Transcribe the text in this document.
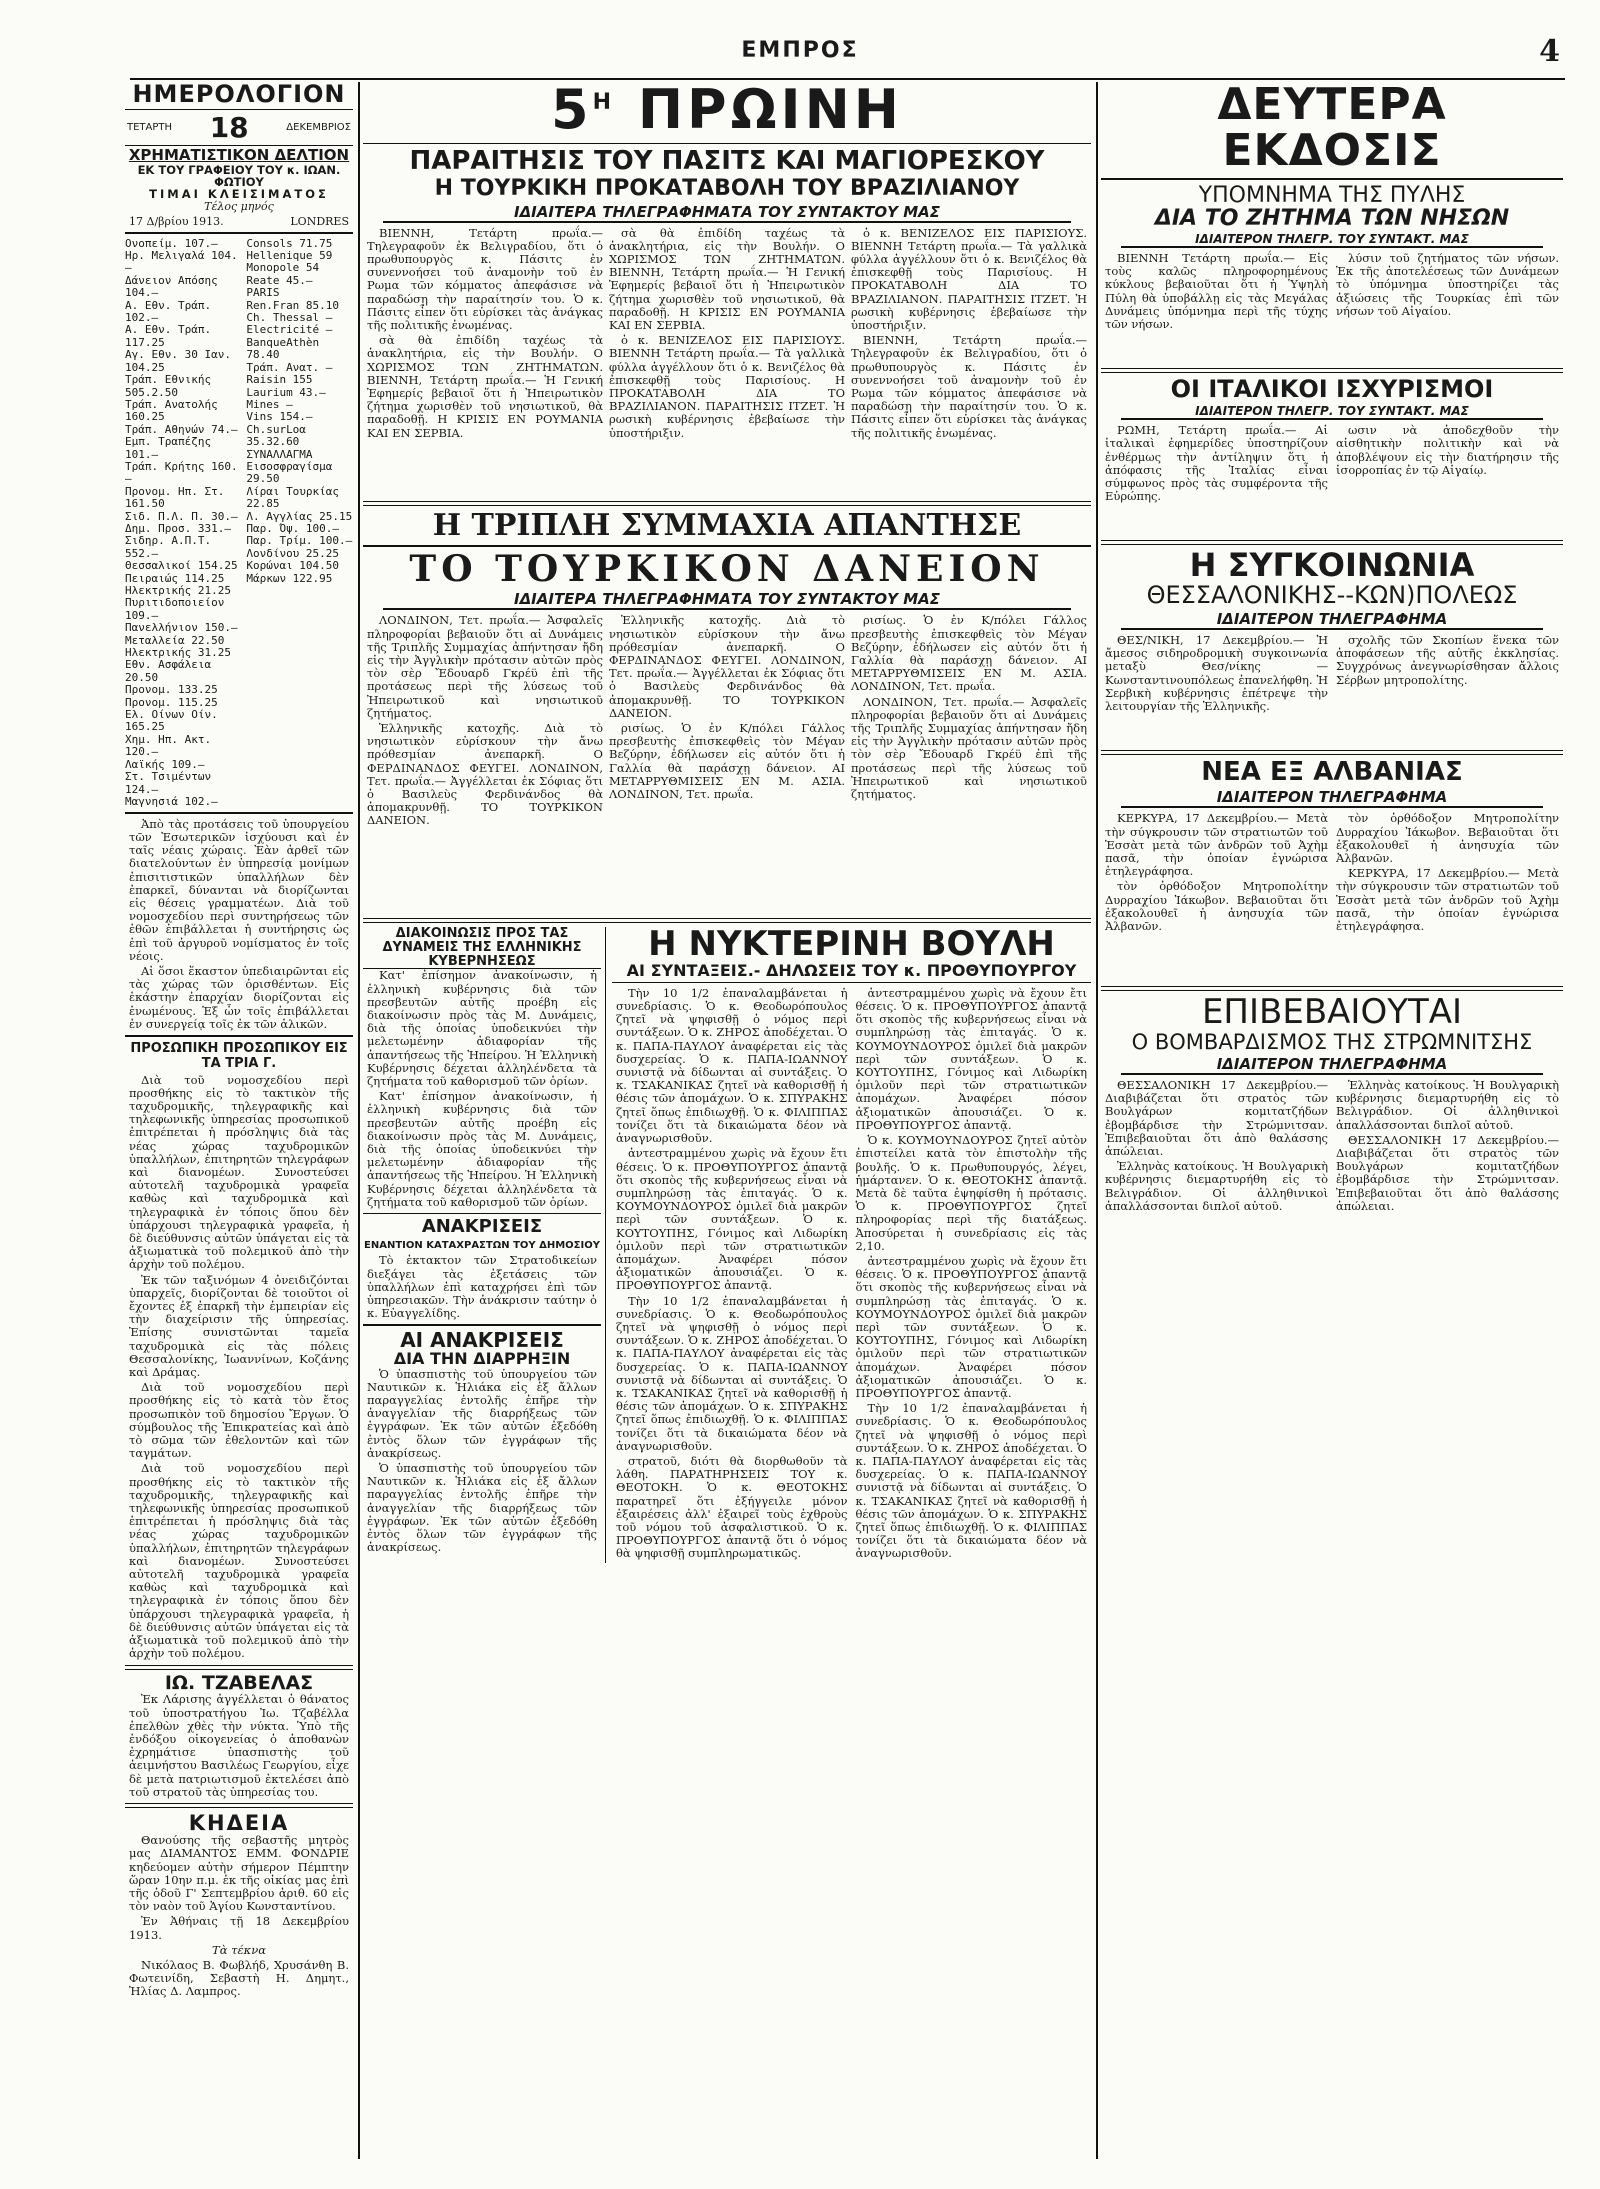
ΕΜΠΡΟΣ	4
ΗΜΕΡΟΛΟΓΙΟΝ
ΤΕΤΑΡΤΗ 18	ΔΕΚΕΜΒΡΙΟΣ
ΧΡΗΜΑΤΙΣΤΙΚΟΝ ΔΕΛΤΙΟΝ
ΕΚ ΤΟΥ ΓΡΑΦΕΙΟΥ ΤΟΥ κ. ΙΩΑΝ. ΦΩΤΙΟΥ
ΤΙΜΑΙ ΚΛΕΙΣΙΜΑΤΟΣ
Τέλος μηνός
17 Δ/βρίου 1913.	LONDRES
Ονοπείμ. 107.—
Ηρ. Μελιγαλά 104.—
Δάνειον Απόσης 104.—
Α. Εθν. Τράπ. 102.—
Α. Εθν. Τράπ. 117.25
Αγ. Εθν. 30 Ιαν. 104.25
Τράπ. Εθνικής 505.2.50
Τράπ. Ανατολής 160.25
Τράπ. Αθηνών 74.—
Εμπ. Τραπέζης 101.—
Τράπ. Κρήτης 160.—
Προνομ. Ηπ. Στ. 161.50
Σιδ. Π.Λ. Π. 30.—
Δημ. Προσ. 331.—
Σιδηρ. Α.Π.Τ. 552.—
Θεσσαλικοί 154.25
Πειραιώς 114.25
Ηλεκτρικής 21.25
Πυριτιδοποιείον 109.—
Πανελλήνιον 150.—
Μεταλλεία 22.50
Ηλεκτρικής 31.25
Εθν. Ασφάλεια 20.50
Προνομ. 133.25
Προνομ. 115.25
Ελ. Οίνων Οίν. 165.25
Χημ. Ηπ. Ακτ. 120.—
Λαϊκής 109.—
Στ. Τσιμέντων 124.—
Μαγνησιά 102.—
Consols 71.75
Hellenique 59
Monopole 54
Reate 45.—
PARIS
Ren.Fran 85.10
Ch. Thessal —
Electricité —
BanqueAthèn 78.40
Τράπ. Ανατ. —
Raisin 155
Laurium 43.—
Mines —
Vins 154.—
Ch.surLοα 35.32.60
ΣΥΝΑΛΛΑΓΜΑ
Εισοσφραγίσμα 29.50
Λίραι Τουρκίας 22.85
Λ. Αγγλίας 25.15
Παρ. Όψ. 100.—
Παρ. Τρίμ. 100.—
Λονδίνου 25.25
Κορώναι 104.50
Μάρκων 122.95

Ἀπὸ τὰς προτάσεις τοῦ ὑπουργείου τῶν Ἐσωτερικῶν ἰσχύουσι καὶ ἐν ταῖς νέαις χώραις. Ἐὰν ἀρθεῖ τῶν διατελούντων ἐν ὑπηρεσίᾳ μονίμων ἐπισιτιστικῶν ὑπαλλήλων δὲν ἐπαρκεῖ, δύνανται νὰ διορίζωνται εἰς θέσεις γραμματέων. Διὰ τοῦ νομοσχεδίου περὶ συντηρήσεως τῶν ἐθῶν ἐπιβάλλεται ἡ συντήρησις ὡς ἐπὶ τοῦ ἀργυροῦ νομίσματος ἐν τοῖς νέοις.

Αἱ ὅσοι ἕκαστον ὑπεδιαιρῶνται εἰς τὰς χώρας τῶν ὁρισθέντων. Εἰς ἑκάστην ἐπαρχίαν διορίζονται εἰς ἑνωμένους. Ἐξ ὧν τοῖς ἐπιβάλλεται ἐν συνεργείᾳ τοῖς ἐκ τῶν ἁλικῶν.

ΠΡΟΣΩΠΙΚΗ ΠΡΟΣΩΠΙΚΟΥ ΕΙΣ ΤΑ ΤΡΙΑ Γ.

Διὰ τοῦ νομοσχεδίου περὶ προσθήκης εἰς τὸ τακτικὸν τῆς ταχυδρομικῆς, τηλεγραφικῆς καὶ τηλεφωνικῆς ὑπηρεσίας προσωπικοῦ ἐπιτρέπεται ἡ πρόσληψις διὰ τὰς νέας χώρας ταχυδρομικῶν ὑπαλλήλων, ἐπιτηρητῶν τηλεγράφων καὶ διανομέων. Συνοστεύσει αὐτοτελῆ ταχυδρομικὰ γραφεῖα καθὼς καὶ ταχυδρομικὰ καὶ τηλεγραφικὰ ἐν τόποις ὅπου δὲν ὑπάρχουσι τηλεγραφικὰ γραφεῖα, ἡ δὲ διεύθυνσις αὐτῶν ὑπάγεται εἰς τὰ ἀξιωματικὰ τοῦ πολεμικοῦ ἀπὸ τὴν ἀρχὴν τοῦ πολέμου.

Ἐκ τῶν ταξινόμων 4 ὀνειδιζόνται ὑπαρχεῖς, διορίζονται δὲ τοιοῦτοι οἱ ἔχοντες ἐξ ἐπαρκῆ τὴν ἐμπειρίαν εἰς τὴν διαχείρισιν τῆς ὑπηρεσίας. Ἐπίσης συνιστῶνται ταμεῖα ταχυδρομικὰ εἰς τὰς πόλεις Θεσσαλονίκης, Ἰωαννίνων, Κοζάνης καὶ Δράμας.

Διὰ τοῦ νομοσχεδίου περὶ προσθήκης εἰς τὸ κατὰ τὸν ἔτος προσωπικὸν τοῦ δημοσίου Ἔργων. Ὁ σύμβουλος τῆς Ἐπικρατείας καὶ ἀπὸ τὸ σῶμα τῶν ἐθελοντῶν καὶ τῶν ταγμάτων.

Διὰ τοῦ νομοσχεδίου περὶ προσθήκης εἰς τὸ τακτικὸν τῆς ταχυδρομικῆς, τηλεγραφικῆς καὶ τηλεφωνικῆς ὑπηρεσίας προσωπικοῦ ἐπιτρέπεται ἡ πρόσληψις διὰ τὰς νέας χώρας ταχυδρομικῶν ὑπαλλήλων, ἐπιτηρητῶν τηλεγράφων καὶ διανομέων. Συνοστεύσει αὐτοτελῆ ταχυδρομικὰ γραφεῖα καθὼς καὶ ταχυδρομικὰ καὶ τηλεγραφικὰ ἐν τόποις ὅπου δὲν ὑπάρχουσι τηλεγραφικὰ γραφεῖα, ἡ δὲ διεύθυνσις αὐτῶν ὑπάγεται εἰς τὰ ἀξιωματικὰ τοῦ πολεμικοῦ ἀπὸ τὴν ἀρχὴν τοῦ πολέμου.

ΙΩ. ΤΖΑΒΕΛΑΣ

Ἐκ Λάρισης ἀγγέλλεται ὁ θάνατος τοῦ ὑποστρατήγου Ἰω. Τζαβέλλα ἐπελθὼν χθὲς τὴν νύκτα. Ὑπὸ τῆς ἐνδόξου οἰκογενείας ὁ ἀποθανὼν ἐχρημάτισε ὑπασπιστὴς τοῦ ἀειμνήστου Βασιλέως Γεωργίου, εἶχε δὲ μετὰ πατριωτισμοῦ ἐκτελέσει ἀπὸ τοῦ στρατοῦ τὰς ὑπηρεσίας του.

ΚΗΔΕΙΑ

Θανούσης τῆς σεβαστῆς μητρὸς μας ΔΙΑΜΑΝΤΟΣ ΕΜΜ. ΦΟΝΔΡΙΕ κηδεύομεν αὐτὴν σήμερον Πέμπτην ὥραν 10ην π.μ. ἐκ τῆς οἰκίας μας ἐπὶ τῆς ὁδοῦ Γ' Σεπτεμβρίου ἀριθ. 60 εἰς τὸν ναὸν τοῦ Ἁγίου Κωνσταντίνου.

Ἐν Ἀθήναις τῇ 18 Δεκεμβρίου 1913.

Τὰ τέκνα

Νικόλαος Β. Φωβλήδ, Χρυσάνθη Β. Φωτεινίδη, Σεβαστὴ Η. Δημητ., Ἠλίας Δ. Λαμπρος.

$5^H$ ΠΡΩΙΝΗ
ΠΑΡΑΙΤΗΣΙΣ ΤΟΥ ΠΑΣΙΤΣ ΚΑΙ ΜΑΓΙΟΡΕΣΚΟΥ
Η ΤΟΥΡΚΙΚΗ ΠΡΟΚΑΤΑΒΟΛΗ ΤΟΥ ΒΡΑΖΙΛΙΑΝΟΥ
ΙΔΙΑΙΤΕΡΑ ΤΗΛΕΓΡΑΦΗΜΑΤΑ ΤΟΥ ΣΥΝΤΑΚΤΟΥ ΜΑΣ

ΒΙΕΝΝΗ, Τετάρτη πρωΐα.— Τηλεγραφοῦν ἐκ Βελιγραδίου, ὅτι ὁ πρωθυπουργὸς κ. Πάσιτς ἐν συνεννοήσει τοῦ ἀναμονὴν τοῦ ἐν Ρωμα τῶν κόμματος ἀπεφάσισε νὰ παραδώσῃ τὴν παραίτησίν του. Ὁ κ. Πάσιτς εἶπεν ὅτι εὑρίσκει τὰς ἀνάγκας τῆς πολιτικῆς ἐνωμένας.

σὰ θὰ ἐπιδίδη ταχέως τὰ ἀνακλητήρια, εἰς τὴν Βουλήν. Ο ΧΩΡΙΣΜΟΣ ΤΩΝ ΖΗΤΗΜΑΤΩΝ. ΒΙΕΝΝΗ, Τετάρτη πρωΐα.— Ἡ Γενική Ἐφημερίς βεβαιοῖ ὅτι ἡ Ἠπειρωτικὸν ζήτημα χωρισθὲν τοῦ νησιωτικοῦ, θὰ παραδοθῇ. Η ΚΡΙΣΙΣ ΕΝ ΡΟΥΜΑΝΙΑ ΚΑΙ ΕΝ ΣΕΡΒΙΑ.

σὰ θὰ ἐπιδίδη ταχέως τὰ ἀνακλητήρια, εἰς τὴν Βουλήν. Ο ΧΩΡΙΣΜΟΣ ΤΩΝ ΖΗΤΗΜΑΤΩΝ. ΒΙΕΝΝΗ, Τετάρτη πρωΐα.— Ἡ Γενική Ἐφημερίς βεβαιοῖ ὅτι ἡ Ἠπειρωτικὸν ζήτημα χωρισθὲν τοῦ νησιωτικοῦ, θὰ παραδοθῇ. Η ΚΡΙΣΙΣ ΕΝ ΡΟΥΜΑΝΙΑ ΚΑΙ ΕΝ ΣΕΡΒΙΑ.

ὁ κ. ΒΕΝΙΖΕΛΟΣ ΕΙΣ ΠΑΡΙΣΙΟΥΣ. ΒΙΕΝΝΗ Τετάρτη πρωΐα.— Τὰ γαλλικὰ φύλλα ἀγγέλλουν ὅτι ὁ κ. Βενιζέλος θὰ ἐπισκεφθῇ τοὺς Παρισίους. Η ΠΡΟΚΑΤΑΒΟΛΗ ΔΙΑ ΤΟ ΒΡΑΖΙΛΙΑΝΟΝ. ΠΑΡΑΙΤΗΣΙΣ ΙΤΖΕΤ. Ἡ ρωσικὴ κυβέρνησις ἐβεβαίωσε τὴν ὑποστήριξιν.

ὁ κ. ΒΕΝΙΖΕΛΟΣ ΕΙΣ ΠΑΡΙΣΙΟΥΣ. ΒΙΕΝΝΗ Τετάρτη πρωΐα.— Τὰ γαλλικὰ φύλλα ἀγγέλλουν ὅτι ὁ κ. Βενιζέλος θὰ ἐπισκεφθῇ τοὺς Παρισίους. Η ΠΡΟΚΑΤΑΒΟΛΗ ΔΙΑ ΤΟ ΒΡΑΖΙΛΙΑΝΟΝ. ΠΑΡΑΙΤΗΣΙΣ ΙΤΖΕΤ. Ἡ ρωσικὴ κυβέρνησις ἐβεβαίωσε τὴν ὑποστήριξιν.

ΒΙΕΝΝΗ, Τετάρτη πρωΐα.— Τηλεγραφοῦν ἐκ Βελιγραδίου, ὅτι ὁ πρωθυπουργὸς κ. Πάσιτς ἐν συνεννοήσει τοῦ ἀναμονὴν τοῦ ἐν Ρωμα τῶν κόμματος ἀπεφάσισε νὰ παραδώσῃ τὴν παραίτησίν του. Ὁ κ. Πάσιτς εἶπεν ὅτι εὑρίσκει τὰς ἀνάγκας τῆς πολιτικῆς ἐνωμένας.

Η ΤΡΙΠΛΗ ΣΥΜΜΑΧΙΑ ΑΠΑΝΤΗΣΕ
ΤΟ ΤΟΥΡΚΙΚΟΝ ΔΑΝΕΙΟΝ
ΙΔΙΑΙΤΕΡΑ ΤΗΛΕΓΡΑΦΗΜΑΤΑ ΤΟΥ ΣΥΝΤΑΚΤΟΥ ΜΑΣ

ΛΟΝΔΙΝΟΝ, Τετ. πρωΐα.— Ἀσφαλεῖς πληροφορίαι βεβαιοῦν ὅτι αἱ Δυνάμεις τῆς Τριπλῆς Συμμαχίας ἀπήντησαν ἤδη εἰς τὴν Ἀγγλικὴν πρότασιν αὐτῶν πρὸς τὸν σὲρ Ἔδουαρδ Γκρέϋ ἐπὶ τῆς προτάσεως περὶ τῆς λύσεως τοῦ Ἠπειρωτικοῦ καὶ νησιωτικοῦ ζητήματος.

Ἑλληνικῆς κατοχῆς. Διὰ τὸ νησιωτικὸν εὑρίσκουν τὴν ἄνω πρόθεσμίαν ἀνεπαρκῆ. Ο ΦΕΡΔΙΝΑΝΔΟΣ ΦΕΥΓΕΙ. ΛΟΝΔΙΝΟΝ, Τετ. πρωΐα.— Ἀγγέλλεται ἐκ Σόφιας ὅτι ὁ Βασιλεὺς Φερδινάνδος θὰ ἀπομακρυνθῇ. ΤΟ ΤΟΥΡΚΙΚΟΝ ΔΑΝΕΙΟΝ.

Ἑλληνικῆς κατοχῆς. Διὰ τὸ νησιωτικὸν εὑρίσκουν τὴν ἄνω πρόθεσμίαν ἀνεπαρκῆ. Ο ΦΕΡΔΙΝΑΝΔΟΣ ΦΕΥΓΕΙ. ΛΟΝΔΙΝΟΝ, Τετ. πρωΐα.— Ἀγγέλλεται ἐκ Σόφιας ὅτι ὁ Βασιλεὺς Φερδινάνδος θὰ ἀπομακρυνθῇ. ΤΟ ΤΟΥΡΚΙΚΟΝ ΔΑΝΕΙΟΝ.

ρισίως. Ὁ ἐν Κ/πόλει Γάλλος πρεσβευτὴς ἐπισκεφθεὶς τὸν Μέγαν Βεζύρην, ἐδήλωσεν εἰς αὐτόν ὅτι ἡ Γαλλία θὰ παράσχῃ δάνειον. ΑΙ ΜΕΤΑΡΡΥΘΜΙΣΕΙΣ ΕΝ Μ. ΑΣΙΑ. ΛΟΝΔΙΝΟΝ, Τετ. πρωΐα.

ρισίως. Ὁ ἐν Κ/πόλει Γάλλος πρεσβευτὴς ἐπισκεφθεὶς τὸν Μέγαν Βεζύρην, ἐδήλωσεν εἰς αὐτόν ὅτι ἡ Γαλλία θὰ παράσχῃ δάνειον. ΑΙ ΜΕΤΑΡΡΥΘΜΙΣΕΙΣ ΕΝ Μ. ΑΣΙΑ. ΛΟΝΔΙΝΟΝ, Τετ. πρωΐα.

ΛΟΝΔΙΝΟΝ, Τετ. πρωΐα.— Ἀσφαλεῖς πληροφορίαι βεβαιοῦν ὅτι αἱ Δυνάμεις τῆς Τριπλῆς Συμμαχίας ἀπήντησαν ἤδη εἰς τὴν Ἀγγλικὴν πρότασιν αὐτῶν πρὸς τὸν σὲρ Ἔδουαρδ Γκρέϋ ἐπὶ τῆς προτάσεως περὶ τῆς λύσεως τοῦ Ἠπειρωτικοῦ καὶ νησιωτικοῦ ζητήματος.

ΔΙΑΚΟΙΝΩΣΙΣ ΠΡΟΣ ΤΑΣ ΔΥΝΑΜΕΙΣ ΤΗΣ ΕΛΛΗΝΙΚΗΣ ΚΥΒΕΡΝΗΣΕΩΣ

Κατ' ἐπίσημον ἀνακοίνωσιν, ἡ ἑλληνικὴ κυβέρνησις διὰ τῶν πρεσβευτῶν αὐτῆς προέβη εἰς διακοίνωσιν πρὸς τὰς Μ. Δυνάμεις, διὰ τῆς ὁποίας ὑποδεικνύει τὴν μελετωμένην ἀδιαφορίαν τῆς ἀπαντήσεως τῆς Ἠπείρου. Ἡ Ἑλληνικὴ Κυβέρνησις δέχεται ἀλληλένδετα τὰ ζητήματα τοῦ καθορισμοῦ τῶν ὁρίων.

Κατ' ἐπίσημον ἀνακοίνωσιν, ἡ ἑλληνικὴ κυβέρνησις διὰ τῶν πρεσβευτῶν αὐτῆς προέβη εἰς διακοίνωσιν πρὸς τὰς Μ. Δυνάμεις, διὰ τῆς ὁποίας ὑποδεικνύει τὴν μελετωμένην ἀδιαφορίαν τῆς ἀπαντήσεως τῆς Ἠπείρου. Ἡ Ἑλληνικὴ Κυβέρνησις δέχεται ἀλληλένδετα τὰ ζητήματα τοῦ καθορισμοῦ τῶν ὁρίων.

ΑΝΑΚΡΙΣΕΙΣ
ΕΝΑΝΤΙΟΝ ΚΑΤΑΧΡΑΣΤΩΝ ΤΟΥ ΔΗΜΟΣΙΟΥ

Τὸ ἐκτακτον τῶν Στρατοδικείων διεξάγει τὰς ἐξετάσεις τῶν ὑπαλλήλων ἐπὶ καταχρήσει ἐπὶ τῶν ὑπηρεσιακῶν. Τὴν ἀνάκρισιν ταύτην ὁ κ. Εὐαγγελίδης.

ΑΙ ΑΝΑΚΡΙΣΕΙΣ
ΔΙΑ ΤΗΝ ΔΙΑΡΡΗΞΙΝ

Ὁ ὑπασπιστὴς τοῦ ὑπουργείου τῶν Ναυτικῶν κ. Ἡλιάκα εἰς ἐξ ἄλλων παραγγελίας ἐντολῆς ἐπῆρε τὴν ἀναγγελίαν τῆς διαρρήξεως τῶν ἐγγράφων. Ἐκ τῶν αὐτῶν ἐξεδόθη ἐντὸς ὅλων τῶν ἐγγράφων τῆς ἀνακρίσεως.

Ὁ ὑπασπιστὴς τοῦ ὑπουργείου τῶν Ναυτικῶν κ. Ἡλιάκα εἰς ἐξ ἄλλων παραγγελίας ἐντολῆς ἐπῆρε τὴν ἀναγγελίαν τῆς διαρρήξεως τῶν ἐγγράφων. Ἐκ τῶν αὐτῶν ἐξεδόθη ἐντὸς ὅλων τῶν ἐγγράφων τῆς ἀνακρίσεως.

Η ΝΥΚΤΕΡΙΝΗ ΒΟΥΛΗ
ΑΙ ΣΥΝΤΑΞΕΙΣ.- ΔΗΛΩΣΕΙΣ ΤΟΥ κ. ΠΡΟΘΥΠΟΥΡΓΟΥ

Τὴν 10 1/2 ἐπαναλαμβάνεται ἡ συνεδρίασις. Ὁ κ. Θεοδωρόπουλος ζητεῖ νὰ ψηφισθῇ ὁ νόμος περὶ συντάξεων. Ὁ κ. ΖΗΡΟΣ ἀποδέχεται. Ὁ κ. ΠΑΠΑ-ΠΑΥΛΟΥ ἀναφέρεται εἰς τὰς δυσχερείας. Ὁ κ. ΠΑΠΑ-ΙΩΑΝΝΟΥ συνιστᾷ νὰ δίδωνται αἱ συντάξεις. Ὁ κ. ΤΣΑΚΑΝΙΚΑΣ ζητεῖ νὰ καθορισθῇ ἡ θέσις τῶν ἀπομάχων. Ὁ κ. ΣΠΥΡΑΚΗΣ ζητεῖ ὅπως ἐπιδιωχθῇ. Ὁ κ. ΦΙΛΙΠΠΑΣ τονίζει ὅτι τὰ δικαιώματα δέον νὰ ἀναγνωρισθοῦν.

ἀντεστραμμένου χωρὶς νὰ ἔχουν ἔτι θέσεις. Ὁ κ. ΠΡΟΘΥΠΟΥΡΓΟΣ ἀπαντᾷ ὅτι σκοπὸς τῆς κυβερνήσεως εἶναι νὰ συμπληρώσῃ τὰς ἐπιταγάς. Ὁ κ. ΚΟΥΜΟΥΝΔΟΥΡΟΣ ὁμιλεῖ διὰ μακρῶν περὶ τῶν συντάξεων. Ὁ κ. ΚΟΥΤΟΥΠΗΣ, Γόνιμος καὶ Λιδωρίκη ὁμιλοῦν περὶ τῶν στρατιωτικῶν ἀπομάχων. Ἀναφέρει πόσον ἀξιοματικῶν ἀπουσιάζει. Ὁ κ. ΠΡΟΘΥΠΟΥΡΓΟΣ ἀπαντᾷ.

Τὴν 10 1/2 ἐπαναλαμβάνεται ἡ συνεδρίασις. Ὁ κ. Θεοδωρόπουλος ζητεῖ νὰ ψηφισθῇ ὁ νόμος περὶ συντάξεων. Ὁ κ. ΖΗΡΟΣ ἀποδέχεται. Ὁ κ. ΠΑΠΑ-ΠΑΥΛΟΥ ἀναφέρεται εἰς τὰς δυσχερείας. Ὁ κ. ΠΑΠΑ-ΙΩΑΝΝΟΥ συνιστᾷ νὰ δίδωνται αἱ συντάξεις. Ὁ κ. ΤΣΑΚΑΝΙΚΑΣ ζητεῖ νὰ καθορισθῇ ἡ θέσις τῶν ἀπομάχων. Ὁ κ. ΣΠΥΡΑΚΗΣ ζητεῖ ὅπως ἐπιδιωχθῇ. Ὁ κ. ΦΙΛΙΠΠΑΣ τονίζει ὅτι τὰ δικαιώματα δέον νὰ ἀναγνωρισθοῦν.

στρατοῦ, διότι θὰ διορθωθοῦν τὰ λάθη. ΠΑΡΑΤΗΡΗΣΕΙΣ ΤΟΥ κ. ΘΕΟΤΟΚΗ. Ὁ κ. ΘΕΟΤΟΚΗΣ παρατηρεῖ ὅτι ἐξήγγειλε μόνον ἐξαιρέσεις ἀλλ' ἐξαιρεῖ τοὺς ἐχθροὺς τοῦ νόμου τοῦ ἀσφαλιστικοῦ. Ὁ κ. ΠΡΟΘΥΠΟΥΡΓΟΣ ἀπαντᾷ ὅτι ὁ νόμος θὰ ψηφισθῇ συμπληρωματικῶς.

ἀντεστραμμένου χωρὶς νὰ ἔχουν ἔτι θέσεις. Ὁ κ. ΠΡΟΘΥΠΟΥΡΓΟΣ ἀπαντᾷ ὅτι σκοπὸς τῆς κυβερνήσεως εἶναι νὰ συμπληρώσῃ τὰς ἐπιταγάς. Ὁ κ. ΚΟΥΜΟΥΝΔΟΥΡΟΣ ὁμιλεῖ διὰ μακρῶν περὶ τῶν συντάξεων. Ὁ κ. ΚΟΥΤΟΥΠΗΣ, Γόνιμος καὶ Λιδωρίκη ὁμιλοῦν περὶ τῶν στρατιωτικῶν ἀπομάχων. Ἀναφέρει πόσον ἀξιοματικῶν ἀπουσιάζει. Ὁ κ. ΠΡΟΘΥΠΟΥΡΓΟΣ ἀπαντᾷ.

Ὁ κ. ΚΟΥΜΟΥΝΔΟΥΡΟΣ ζητεῖ αὐτὸν ἐπιστείλει κατὰ τὸν ἐπιστολὴν τῆς βουλῆς. Ὁ κ. Πρωθυπουργός, λέγει, ἡμάρτανεν. Ὁ κ. ΘΕΟΤΟΚΗΣ ἀπαντᾷ. Μετὰ δὲ ταῦτα ἐψηφίσθη ἡ πρότασις. Ὁ κ. ΠΡΟΘΥΠΟΥΡΓΟΣ ζητεῖ πληροφορίας περὶ τῆς διατάξεως. Ἀποσύρεται ἡ συνεδρίασις εἰς τὰς 2,10.

ἀντεστραμμένου χωρὶς νὰ ἔχουν ἔτι θέσεις. Ὁ κ. ΠΡΟΘΥΠΟΥΡΓΟΣ ἀπαντᾷ ὅτι σκοπὸς τῆς κυβερνήσεως εἶναι νὰ συμπληρώσῃ τὰς ἐπιταγάς. Ὁ κ. ΚΟΥΜΟΥΝΔΟΥΡΟΣ ὁμιλεῖ διὰ μακρῶν περὶ τῶν συντάξεων. Ὁ κ. ΚΟΥΤΟΥΠΗΣ, Γόνιμος καὶ Λιδωρίκη ὁμιλοῦν περὶ τῶν στρατιωτικῶν ἀπομάχων. Ἀναφέρει πόσον ἀξιοματικῶν ἀπουσιάζει. Ὁ κ. ΠΡΟΘΥΠΟΥΡΓΟΣ ἀπαντᾷ.

Τὴν 10 1/2 ἐπαναλαμβάνεται ἡ συνεδρίασις. Ὁ κ. Θεοδωρόπουλος ζητεῖ νὰ ψηφισθῇ ὁ νόμος περὶ συντάξεων. Ὁ κ. ΖΗΡΟΣ ἀποδέχεται. Ὁ κ. ΠΑΠΑ-ΠΑΥΛΟΥ ἀναφέρεται εἰς τὰς δυσχερείας. Ὁ κ. ΠΑΠΑ-ΙΩΑΝΝΟΥ συνιστᾷ νὰ δίδωνται αἱ συντάξεις. Ὁ κ. ΤΣΑΚΑΝΙΚΑΣ ζητεῖ νὰ καθορισθῇ ἡ θέσις τῶν ἀπομάχων. Ὁ κ. ΣΠΥΡΑΚΗΣ ζητεῖ ὅπως ἐπιδιωχθῇ. Ὁ κ. ΦΙΛΙΠΠΑΣ τονίζει ὅτι τὰ δικαιώματα δέον νὰ ἀναγνωρισθοῦν.

ΔΕΥΤΕΡΑ ΕΚΔΟΣΙΣ
ΥΠΟΜΝΗΜΑ ΤΗΣ ΠΥΛΗΣ
ΔΙΑ ΤΟ ΖΗΤΗΜΑ ΤΩΝ ΝΗΣΩΝ
ΙΔΙΑΙΤΕΡΟΝ ΤΗΛΕΓΡ. ΤΟΥ ΣΥΝΤΑΚΤ. ΜΑΣ

ΒΙΕΝΝΗ Τετάρτη πρωΐα.— Εἰς τοὺς καλῶς πληροφορημένους κύκλους βεβαιοῦται ὅτι ἡ Ὑψηλὴ Πύλη θὰ ὑποβάλλῃ εἰς τὰς Μεγάλας Δυνάμεις ὑπόμνημα περὶ τῆς τύχης τῶν νήσων.

λύσιν τοῦ ζητήματος τῶν νήσων. Ἐκ τῆς ἀποτελέσεως τῶν Δυνάμεων τὸ ὑπόμνημα ὑποστηρίζει τὰς ἀξιώσεις τῆς Τουρκίας ἐπὶ τῶν νήσων τοῦ Αἰγαίου.

ΟΙ ΙΤΑΛΙΚΟΙ ΙΣΧΥΡΙΣΜΟΙ
ΙΔΙΑΙΤΕΡΟΝ ΤΗΛΕΓΡ. ΤΟΥ ΣΥΝΤΑΚΤ. ΜΑΣ

ΡΩΜΗ, Τετάρτη πρωΐα.— Αἱ ἰταλικαὶ ἐφημερίδες ὑποστηρίζουν ἐνθέρμως τὴν ἀντίληψιν ὅτι ἡ ἀπόφασις τῆς Ἰταλίας εἶναι σύμφωνος πρὸς τὰς συμφέροντα τῆς Εὐρώπης.

ωσιν νὰ ἀποδεχθοῦν τὴν αἰσθητικὴν πολιτικὴν καὶ νὰ ἀποβλέψουν εἰς τὴν διατήρησιν τῆς ἰσορροπίας ἐν τῷ Αἰγαίῳ.

Η ΣΥΓΚΟΙΝΩΝΙΑ
ΘΕΣΣΑΛΟΝΙΚΗΣ--ΚΩΝ)ΠΟΛΕΩΣ
ΙΔΙΑΙΤΕΡΟΝ ΤΗΛΕΓΡΑΦΗΜΑ

ΘΕΣ/ΝΙΚΗ, 17 Δεκεμβρίου.— Ἡ ἄμεσος σιδηροδρομικὴ συγκοινωνία μεταξὺ Θεσ/νίκης — Κωνσταντινουπόλεως ἐπανελήφθη. Ἡ Σερβικὴ κυβέρνησις ἐπέτρεψε τὴν λειτουργίαν τῆς Ἑλληνικῆς.

σχολῆς τῶν Σκοπίων ἕνεκα τῶν ἀποφάσεων τῆς αὐτῆς ἐκκλησίας. Συγχρόνως ἀνεγνωρίσθησαν ἄλλοις Σέρβων μητροπολίτης.

ΝΕΑ ΕΞ ΑΛΒΑΝΙΑΣ
ΙΔΙΑΙΤΕΡΟΝ ΤΗΛΕΓΡΑΦΗΜΑ

ΚΕΡΚΥΡΑ, 17 Δεκεμβρίου.— Μετὰ τὴν σύγκρουσιν τῶν στρατιωτῶν τοῦ Ἐσσὰτ μετὰ τῶν ἀνδρῶν τοῦ Ἀχὴμ πασᾶ, τὴν ὁποίαν ἐγνώρισα ἐτηλεγράφησα.

τὸν ὀρθόδοξον Μητροπολίτην Δυρραχίου Ἰάκωβον. Βεβαιοῦται ὅτι ἐξακολουθεῖ ἡ ἀνησυχία τῶν Ἀλβανῶν.

τὸν ὀρθόδοξον Μητροπολίτην Δυρραχίου Ἰάκωβον. Βεβαιοῦται ὅτι ἐξακολουθεῖ ἡ ἀνησυχία τῶν Ἀλβανῶν.

ΚΕΡΚΥΡΑ, 17 Δεκεμβρίου.— Μετὰ τὴν σύγκρουσιν τῶν στρατιωτῶν τοῦ Ἐσσὰτ μετὰ τῶν ἀνδρῶν τοῦ Ἀχὴμ πασᾶ, τὴν ὁποίαν ἐγνώρισα ἐτηλεγράφησα.

ΕΠΙΒΕΒΑΙΟΥΤΑΙ
Ο ΒΟΜΒΑΡΔΙΣΜΟΣ ΤΗΣ ΣΤΡΩΜΝΙΤΣΗΣ
ΙΔΙΑΙΤΕΡΟΝ ΤΗΛΕΓΡΑΦΗΜΑ

ΘΕΣΣΑΛΟΝΙΚΗ 17 Δεκεμβρίου.— Διαβιβάζεται ὅτι στρατὸς τῶν Βουλγάρων κομιτατζήδων ἐβομβάρδισε τὴν Στρώμνιτσαν. Ἐπιβεβαιοῦται ὅτι ἀπὸ θαλάσσης ἀπώλειαι.

Ἑλληνὰς κατοίκους. Ἡ Βουλγαρικὴ κυβέρνησις διεμαρτυρήθη εἰς τὸ Βελιγράδιον. Οἱ ἀλληθινικοὶ ἀπαλλάσσονται διπλοῖ αὐτοῦ.

Ἑλληνὰς κατοίκους. Ἡ Βουλγαρικὴ κυβέρνησις διεμαρτυρήθη εἰς τὸ Βελιγράδιον. Οἱ ἀλληθινικοὶ ἀπαλλάσσονται διπλοῖ αὐτοῦ.

ΘΕΣΣΑΛΟΝΙΚΗ 17 Δεκεμβρίου.— Διαβιβάζεται ὅτι στρατὸς τῶν Βουλγάρων κομιτατζήδων ἐβομβάρδισε τὴν Στρώμνιτσαν. Ἐπιβεβαιοῦται ὅτι ἀπὸ θαλάσσης ἀπώλειαι.
